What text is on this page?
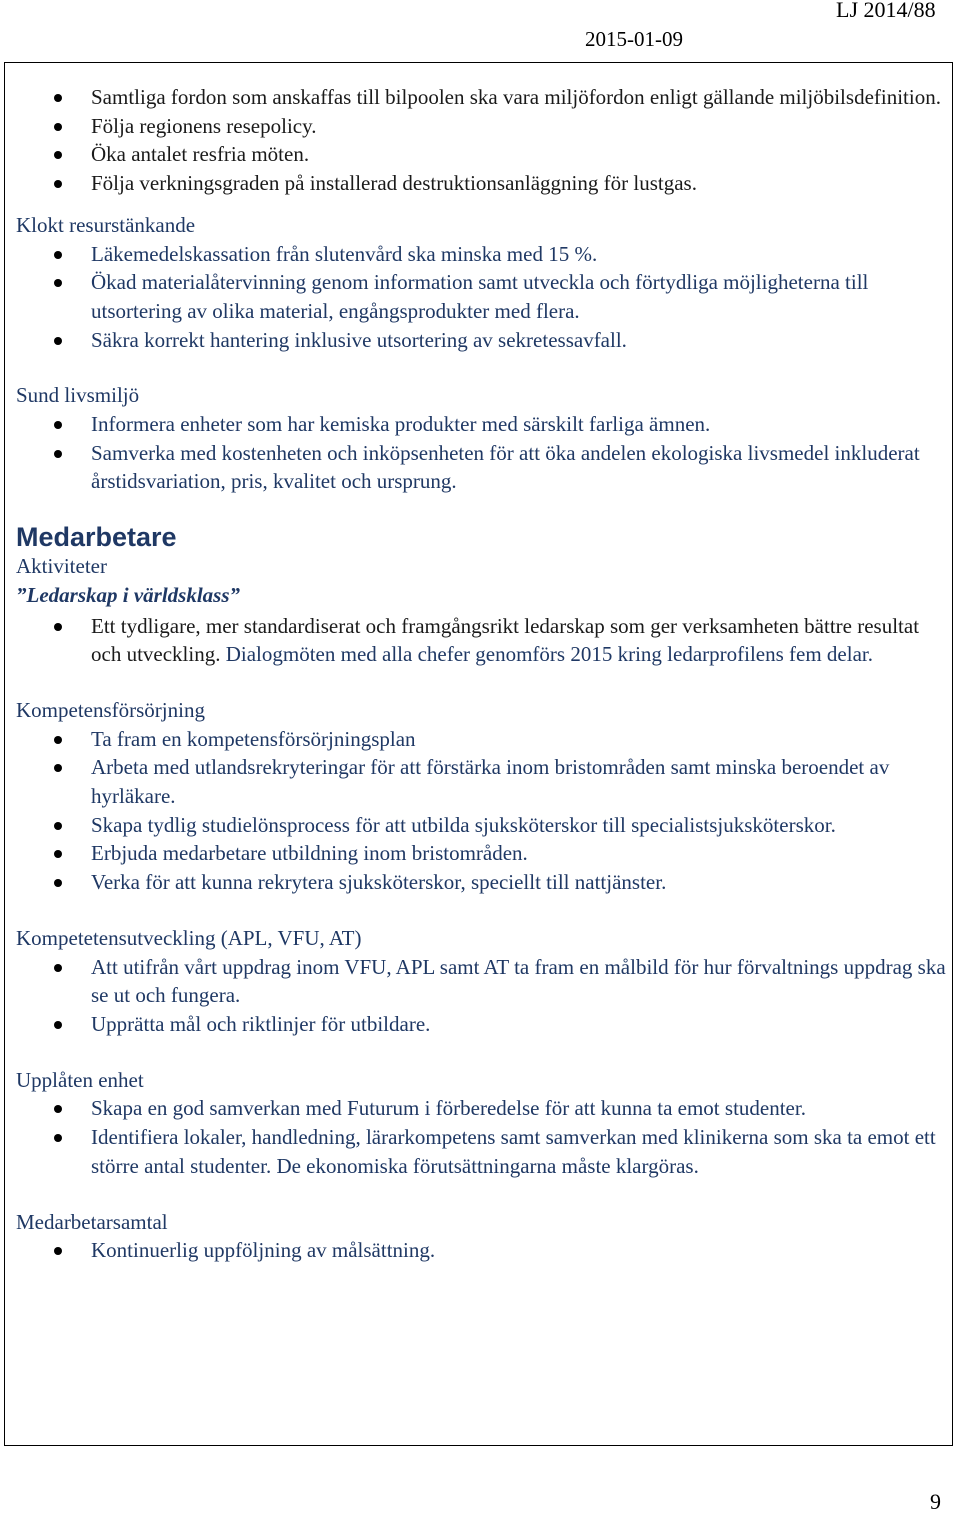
2015-01-09
LJ 2014/88
Samtliga fordon som anskaffas till bilpoolen ska vara miljöfordon enligt gällande miljöbilsdefinition.
Följa regionens resepolicy.
Öka antalet resfria möten.
Följa verkningsgraden på installerad destruktionsanläggning för lustgas.
Klokt resurstänkande
Läkemedelskassation från slutenvård ska minska med 15 %.
Ökad materialåtervinning genom information samt utveckla och förtydliga möjligheterna till utsortering av olika material, engångsprodukter med flera.
Säkra korrekt hantering inklusive utsortering av sekretessavfall.
Sund livsmiljö
Informera enheter som har kemiska produkter med särskilt farliga ämnen.
Samverka med kostenheten och inköpsenheten för att öka andelen ekologiska livsmedel inkluderat årstidsvariation, pris, kvalitet och ursprung.
Medarbetare
Aktiviteter
”Ledarskap i världsklass”
Ett tydligare, mer standardiserat och framgångsrikt ledarskap som ger verksamheten bättre resultat och utveckling. Dialogmöten med alla chefer genomförs 2015 kring ledarprofilens fem delar.
Kompetensförsörjning
Ta fram en kompetensförsörjningsplan
Arbeta med utlandsrekryteringar för att förstärka inom bristområden samt minska beroendet av hyrläkare.
Skapa tydlig studielönsprocess för att utbilda sjuksköterskor till specialistsjuksköterskor.
Erbjuda medarbetare utbildning inom bristområden.
Verka för att kunna rekrytera sjuksköterskor, speciellt till nattjänster.
Kompetetensutveckling (APL, VFU, AT)
Att utifrån vårt uppdrag inom VFU, APL samt AT ta fram en målbild för hur förvaltnings uppdrag ska se ut och fungera.
Upprätta mål och riktlinjer för utbildare.
Upplåten enhet
Skapa en god samverkan med Futurum i förberedelse för att kunna ta emot studenter.
Identifiera lokaler, handledning, lärarkompetens samt samverkan med klinikerna som ska ta emot ett större antal studenter. De ekonomiska förutsättningarna måste klargöras.
Medarbetarsamtal
Kontinuerlig uppföljning av målsättning.
9
